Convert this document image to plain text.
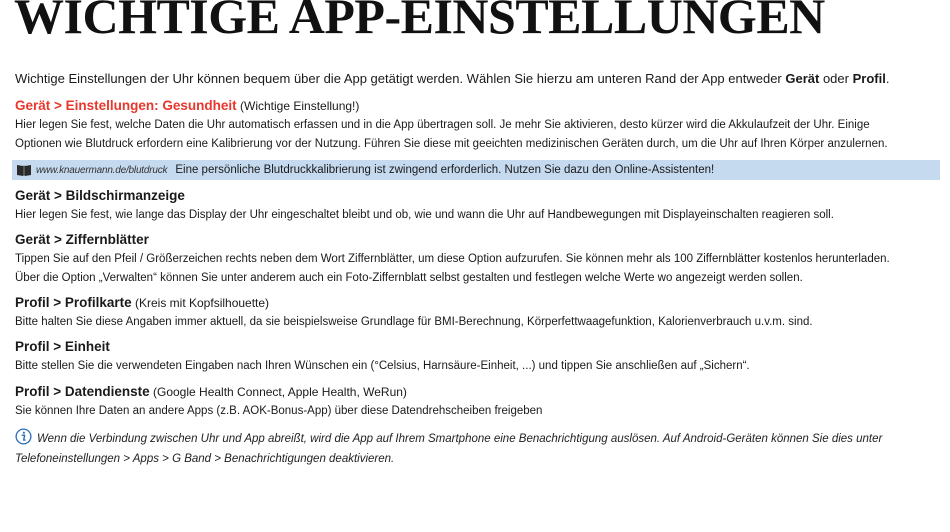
WICHTIGE APP-EINSTELLUNGEN
Wichtige Einstellungen der Uhr können bequem über die App getätigt werden. Wählen Sie hierzu am unteren Rand der App entweder Gerät oder Profil.
Gerät > Einstellungen: Gesundheit (Wichtige Einstellung!)
Hier legen Sie fest, welche Daten die Uhr automatisch erfassen und in die App übertragen soll. Je mehr Sie aktivieren, desto kürzer wird die Akkulaufzeit der Uhr. Einige
Optionen wie Blutdruck erfordern eine Kalibrierung vor der Nutzung. Führen Sie diese mit geeichten medizinischen Geräten durch, um die Uhr auf Ihren Körper anzulernen.
www.knauermann.de/blutdruck Eine persönliche Blutdruckkalibrierung ist zwingend erforderlich. Nutzen Sie dazu den Online-Assistenten!
Gerät > Bildschirmanzeige
Hier legen Sie fest, wie lange das Display der Uhr eingeschaltet bleibt und ob, wie und wann die Uhr auf Handbewegungen mit Displayeinschalten reagieren soll.
Gerät > Ziffernblätter
Tippen Sie auf den Pfeil / Größerzeichen rechts neben dem Wort Ziffernblätter, um diese Option aufzurufen. Sie können mehr als 100 Ziffernblätter kostenlos herunterladen.
Über die Option „Verwalten“ können Sie unter anderem auch ein Foto-Ziffernblatt selbst gestalten und festlegen welche Werte wo angezeigt werden sollen.
Profil > Profilkarte (Kreis mit Kopfsilhouette)
Bitte halten Sie diese Angaben immer aktuell, da sie beispielsweise Grundlage für BMI-Berechnung, Körperfettwaagefunktion, Kalorienverbrauch u.v.m. sind.
Profil > Einheit
Bitte stellen Sie die verwendeten Eingaben nach Ihren Wünschen ein (°Celsius, Harnsäure-Einheit, ...) und tippen Sie anschließen auf „Sichern“.
Profil > Datendienste (Google Health Connect, Apple Health, WeRun)
Sie können Ihre Daten an andere Apps (z.B. AOK-Bonus-App) über diese Datendrehscheiben freigeben
Wenn die Verbindung zwischen Uhr und App abreißt, wird die App auf Ihrem Smartphone eine Benachrichtigung auslösen. Auf Android-Geräten können Sie dies unter
Telefoneinstellungen > Apps > G Band > Benachrichtigungen deaktivieren.
